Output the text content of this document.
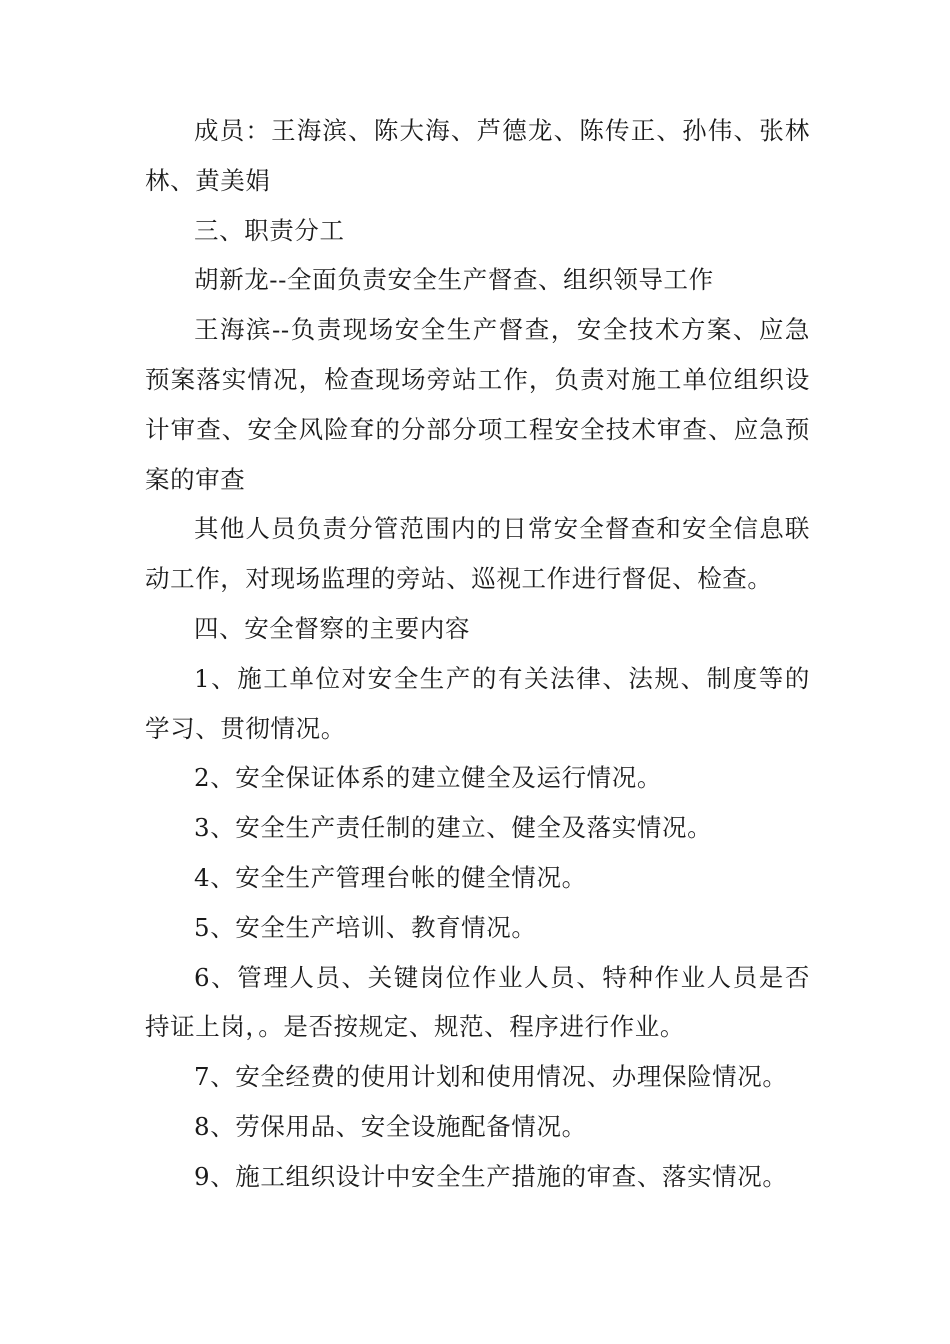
成员：王海滨、陈大海、芦德龙、陈传正、孙伟、张林林、黄美娟

三、职责分工

胡新龙--全面负责安全生产督查、组织领导工作

王海滨--负责现场安全生产督查，安全技术方案、应急预案落实情况，检查现场旁站工作，负责对施工单位组织设计审查、安全风险耷的分部分项工程安全技术审查、应急预案的审查

其他人员负责分管范围内的日常安全督查和安全信息联动工作，对现场监理的旁站、巡视工作进行督促、检查。

四、安全督察的主要内容

1、施工单位对安全生产的有关法律、法规、制度等的学习、贯彻情况。

2、安全保证体系的建立健全及运行情况。

3、安全生产责任制的建立、健全及落实情况。

4、安全生产管理台帐的健全情况。

5、安全生产培训、教育情况。

6、管理人员、关键岗位作业人员、特种作业人员是否持证上岗，。是否按规定、规范、程序进行作业。

7、安全经费的使用计划和使用情况、办理保险情况。

8、劳保用品、安全设施配备情况。

9、施工组织设计中安全生产措施的审查、落实情况。
